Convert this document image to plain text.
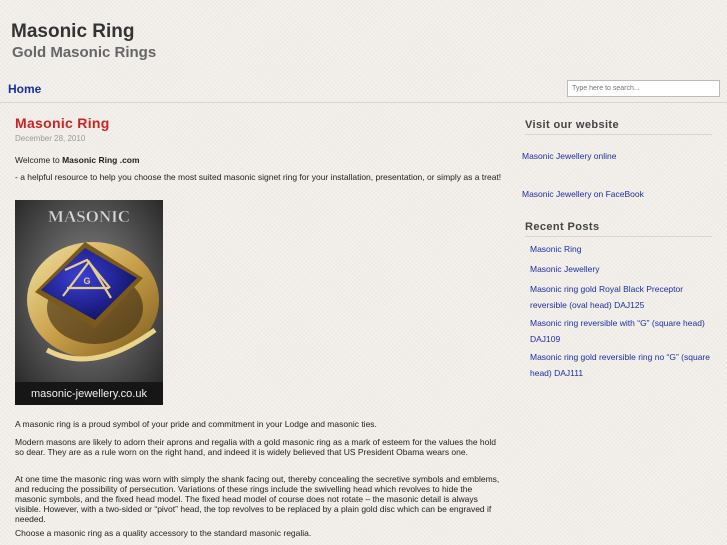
Masonic Ring
Gold Masonic Rings
Home
Type here to search...
Masonic Ring
December 28, 2010

Welcome to Masonic Ring .com

- a helpful resource to help you choose the most suited masonic signet ring for your installation, presentation, or simply as a treat!

MASONIC
G
masonic-jewellery.co.uk

A masonic ring is a proud symbol of your pride and commitment in your Lodge and masonic ties.

Modern masons are likely to adorn their aprons and regalia with a gold masonic ring as a mark of esteem for the values the hold so dear. They are as a rule worn on the right hand, and indeed it is widely believed that US President Obama wears one.

At one time the masonic ring was worn with simply the shank facing out, thereby concealing the secretive symbols and emblems, and reducing the possibility of persecution. Variations of these rings include the swivelling head which revolves to hide the masonic symbols, and the fixed head model. The fixed head model of course does not rotate – the masonic detail is always visible. However, with a two-sided or “pivot” head, the top revolves to be replaced by a plain gold disc which can be engraved if needed.

Choose a masonic ring as a quality accessory to the standard masonic regalia.

Visit our website
Masonic Jewellery online
Masonic Jewellery on FaceBook
Recent Posts
Masonic Ring
Masonic Jewellery
Masonic ring gold Royal Black Preceptor reversible (oval head) DAJ125
Masonic ring reversible with “G” (square head) DAJ109
Masonic ring gold reversible ring no “G” (square head) DAJ111
